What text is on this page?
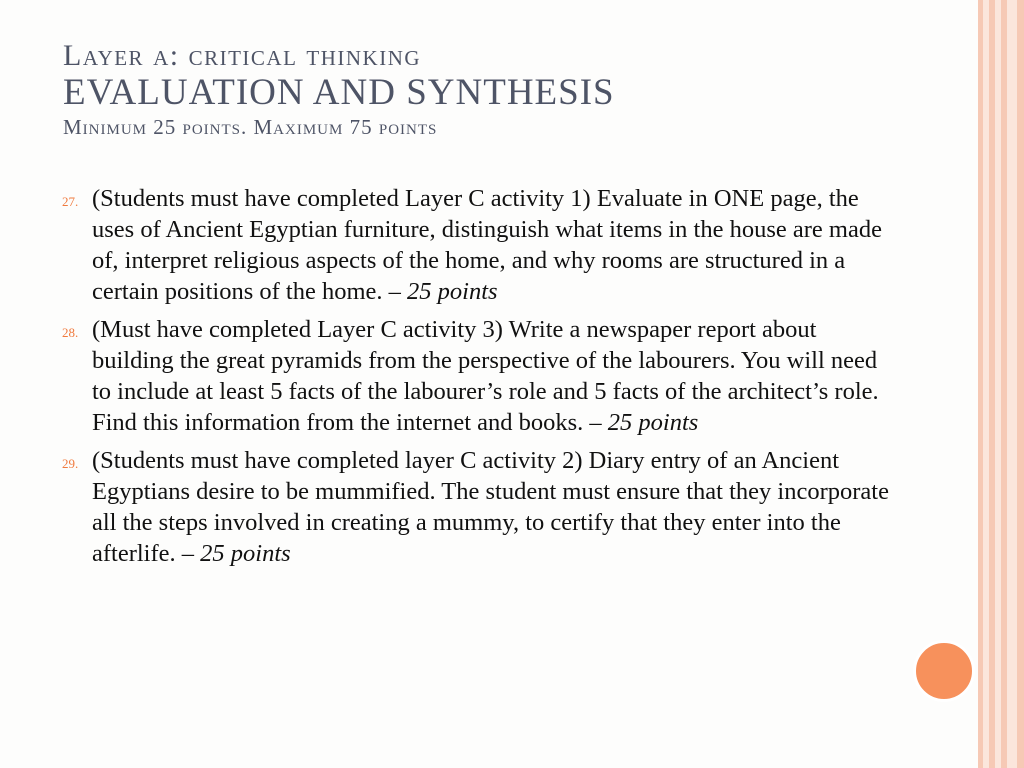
Layer a: critical thinking
EVALUATION AND SYNTHESIS
Minimum 25 points. Maximum 75 points
27. (Students must have completed Layer C activity 1) Evaluate in ONE page, the uses of Ancient Egyptian furniture, distinguish what items in the house are made of, interpret religious aspects of the home, and why rooms are structured in a certain positions of the home. – 25 points
28. (Must have completed Layer C activity 3) Write a newspaper report about building the great pyramids from the perspective of the labourers. You will need to include at least 5 facts of the labourer’s role and 5 facts of the architect’s role. Find this information from the internet and books. – 25 points
29. (Students must have completed layer C activity 2) Diary entry of an Ancient Egyptians desire to be mummified. The student must ensure that they incorporate all the steps involved in creating a mummy, to certify that they enter into the afterlife. – 25 points
